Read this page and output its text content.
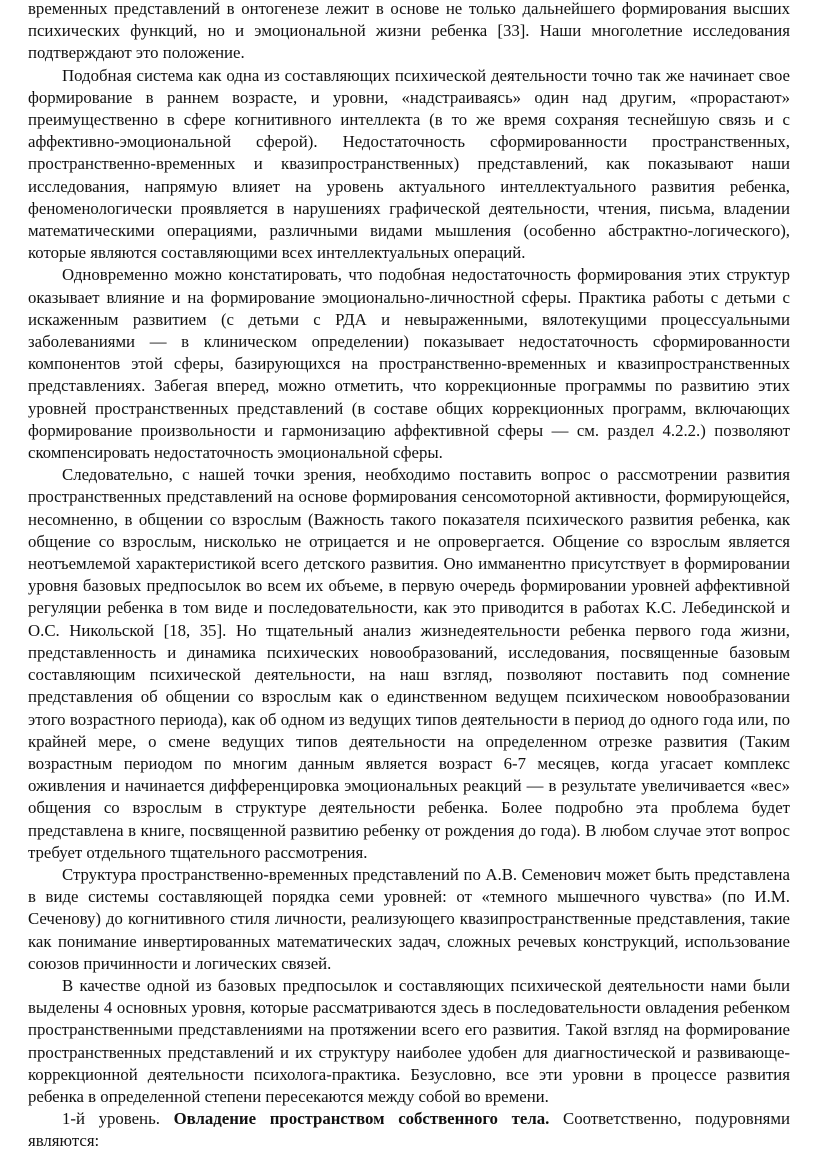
временных представлений в онтогенезе лежит в основе не только дальнейшего формирования высших психических функций, но и эмоциональной жизни ребенка [33]. Наши многолетние исследования подтверждают это положение.

Подобная система как одна из составляющих психической деятельности точно так же начинает свое формирование в раннем возрасте, и уровни, «надстраиваясь» один над другим, «прорастают» преимущественно в сфере когнитивного интеллекта (в то же время сохраняя теснейшую связь и с аффективно-эмоциональной сферой). Недостаточность сформированности пространственных, пространственно-временных и квазипространственных) представлений, как показывают наши исследования, напрямую влияет на уровень актуального интеллектуального развития ребенка, феноменологически проявляется в нарушениях графической деятельности, чтения, письма, владении математическими операциями, различными видами мышления (особенно абстрактно-логического), которые являются составляющими всех интеллектуальных операций.

Одновременно можно констатировать, что подобная недостаточность формирования этих структур оказывает влияние и на формирование эмоционально-личностной сферы. Практика работы с детьми с искаженным развитием (с детьми с РДА и невыраженными, вялотекущими процессуальными заболеваниями — в клиническом определении) показывает недостаточность сформированности компонентов этой сферы, базирующихся на пространственно-временных и квазипространственных представлениях. Забегая вперед, можно отметить, что коррекционные программы по развитию этих уровней пространственных представлений (в составе общих коррекционных программ, включающих формирование произвольности и гармонизацию аффективной сферы — см. раздел 4.2.2.) позволяют скомпенсировать недостаточность эмоциональной сферы.

Следовательно, с нашей точки зрения, необходимо поставить вопрос о рассмотрении развития пространственных представлений на основе формирования сенсомоторной активности, формирующейся, несомненно, в общении со взрослым (Важность такого показателя психического развития ребенка, как общение со взрослым, нисколько не отрицается и не опровергается. Общение со взрослым является неотъемлемой характеристикой всего детского развития. Оно имманентно присутствует в формировании уровня базовых предпосылок во всем их объеме, в первую очередь формировании уровней аффективной регуляции ребенка в том виде и последовательности, как это приводится в работах К.С. Лебединской и О.С. Никольской [18, 35]. Но тщательный анализ жизнедеятельности ребенка первого года жизни, представленность и динамика психических новообразований, исследования, посвященные базовым составляющим психической деятельности, на наш взгляд, позволяют поставить под сомнение представления об общении со взрослым как о единственном ведущем психическом новообразовании этого возрастного периода), как об одном из ведущих типов деятельности в период до одного года или, по крайней мере, о смене ведущих типов деятельности на определенном отрезке развития (Таким возрастным периодом по многим данным является возраст 6-7 месяцев, когда угасает комплекс оживления и начинается дифференцировка эмоциональных реакций — в результате увеличивается «вес» общения со взрослым в структуре деятельности ребенка. Более подробно эта проблема будет представлена в книге, посвященной развитию ребенку от рождения до года). В любом случае этот вопрос требует отдельного тщательного рассмотрения.

Структура пространственно-временных представлений по А.В. Семенович может быть представлена в виде системы составляющей порядка семи уровней: от «темного мышечного чувства» (по И.М. Сеченову) до когнитивного стиля личности, реализующего квазипространственные представления, такие как понимание инвертированных математических задач, сложных речевых конструкций, использование союзов причинности и логических связей.

В качестве одной из базовых предпосылок и составляющих психической деятельности нами были выделены 4 основных уровня, которые рассматриваются здесь в последовательности овладения ребенком пространственными представлениями на протяжении всего его развития. Такой взгляд на формирование пространственных представлений и их структуру наиболее удобен для диагностической и развивающе-коррекционной деятельности психолога-практика. Безусловно, все эти уровни в процессе развития ребенка в определенной степени пересекаются между собой во времени.

1-й уровень. Овладение пространством собственного тела. Соответственно, подуровнями являются:
